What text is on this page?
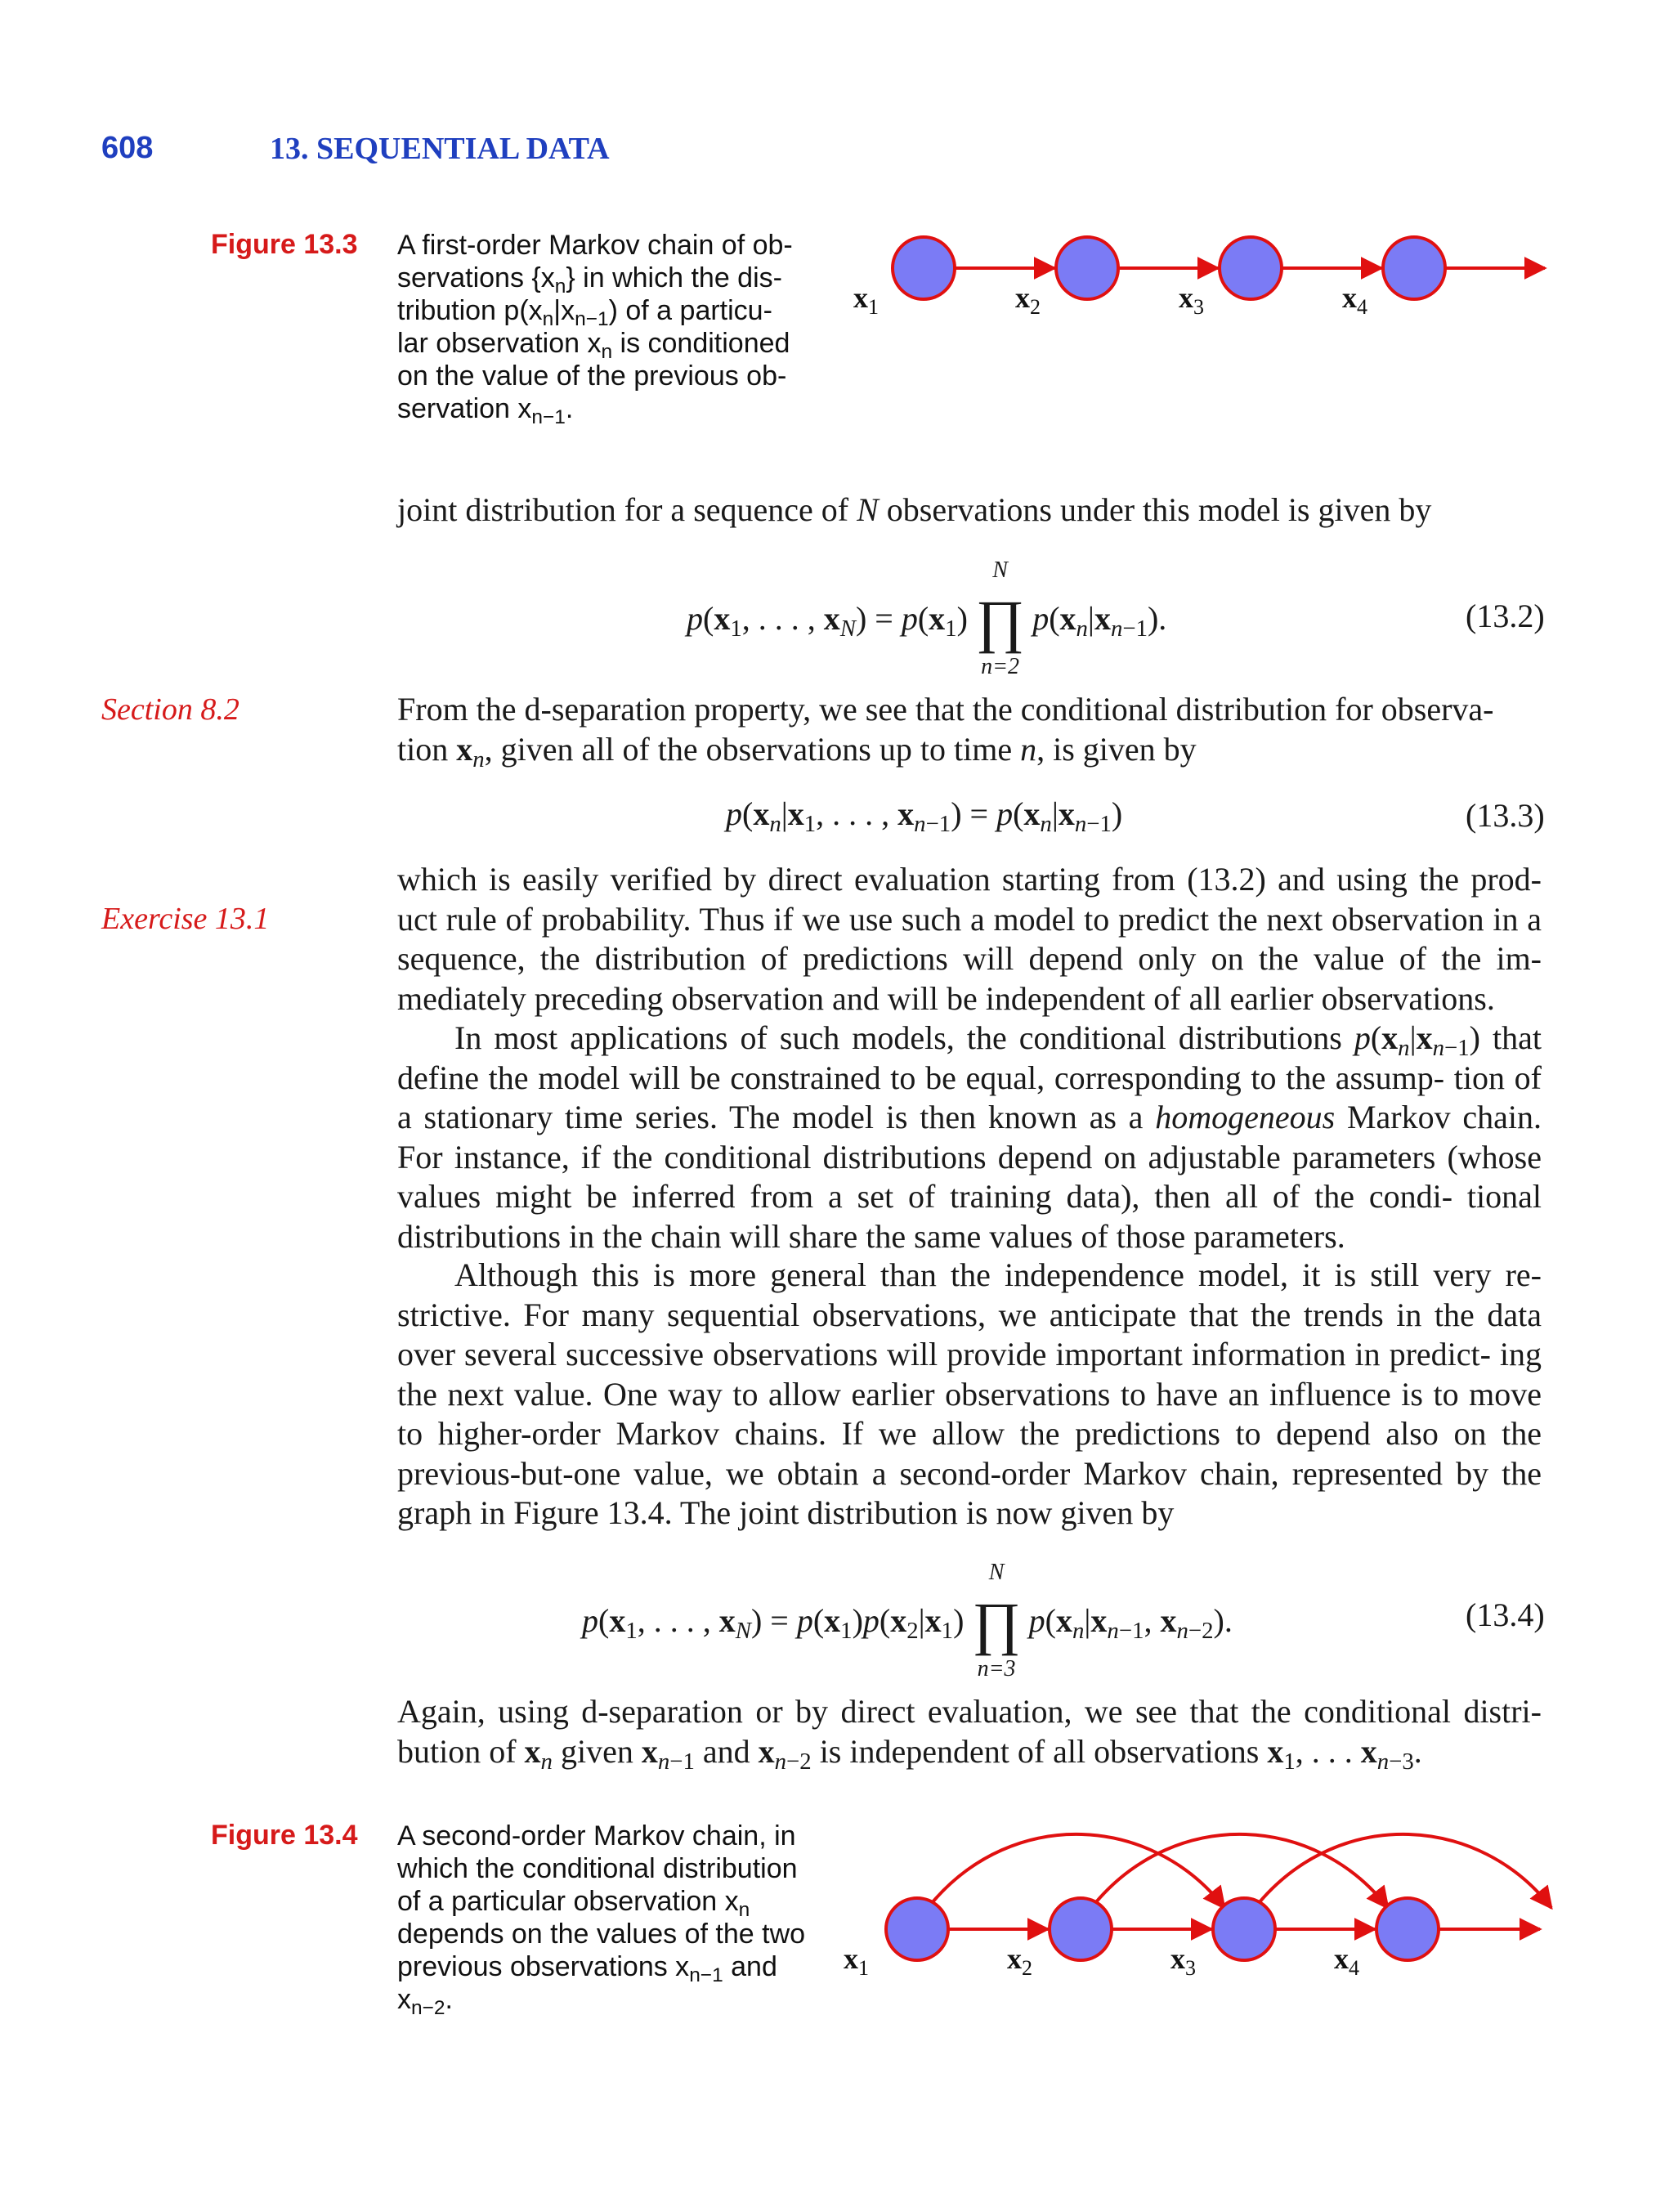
608	13. SEQUENTIAL DATA
Figure 13.3 A first-order Markov chain of ob-
servations $\{x_n\}$ in which the dis-
tribution $p(x_n|x_{n-1})$ of a particu-
lar observation $x_n$ is conditioned
on the value of the previous ob-
servation $x_{n-1}$.
$x_1$	$x_2$	$x_3$	$x_4$
joint distribution for a sequence of N observations under this model is given by
$p(x_1$, . . . , $x_N) = p(x_1)$ ∏
N
n=2
$p(x_n|x_{n-1})$.	(13.2)
Section 8.2	From the d-separation property, we see that the conditional distribution for observa-
tion $x_n$, given all of the observations up to time n, is given by
$p(x_n|x_1$, . . . , $x_{n-1}) = p(x_n|x_{n-1})$	(13.3)
Exercise 13.1
which is easily verified by direct evaluation starting from (13.2) and using the prod- uct rule of probability. Thus if we use such a model to predict the next observation in a sequence, the distribution of predictions will depend only on the value of the im- mediately preceding observation and will be independent of all earlier observations.
In most applications of such models, the conditional distributions $p(x_n|x_{n-1})$ that define the model will be constrained to be equal, corresponding to the assump- tion of a stationary time series. The model is then known as a homogeneous Markov chain. For instance, if the conditional distributions depend on adjustable parameters (whose values might be inferred from a set of training data), then all of the condi- tional distributions in the chain will share the same values of those parameters.
Although this is more general than the independence model, it is still very re- strictive. For many sequential observations, we anticipate that the trends in the data over several successive observations will provide important information in predict- ing the next value. One way to allow earlier observations to have an influence is to move to higher-order Markov chains. If we allow the predictions to depend also on the previous-but-one value, we obtain a second-order Markov chain, represented by the graph in Figure 13.4. The joint distribution is now given by
$p(x_1$, . . . , $x_N) = p(x_1)p(x_2|x_1)$ ∏
N
n=3
$p(x_n|x_{n-1}$, $x_{n-2}$).	(13.4)
Again, using d-separation or by direct evaluation, we see that the conditional distri- bution of $x_n$ given $x_{n-1}$ and $x_{n-2}$ is independent of all observations $x_1$, . . . $x_{n-3}$.
Figure 13.4 A second-order Markov chain, in
which the conditional distribution
of a particular observation $x_n$
depends on the values of the two
previous observations $x_{n-1}$ and
$x_{n-2}$.
$x_1$	$x_2$	$x_3$	$x_4$
